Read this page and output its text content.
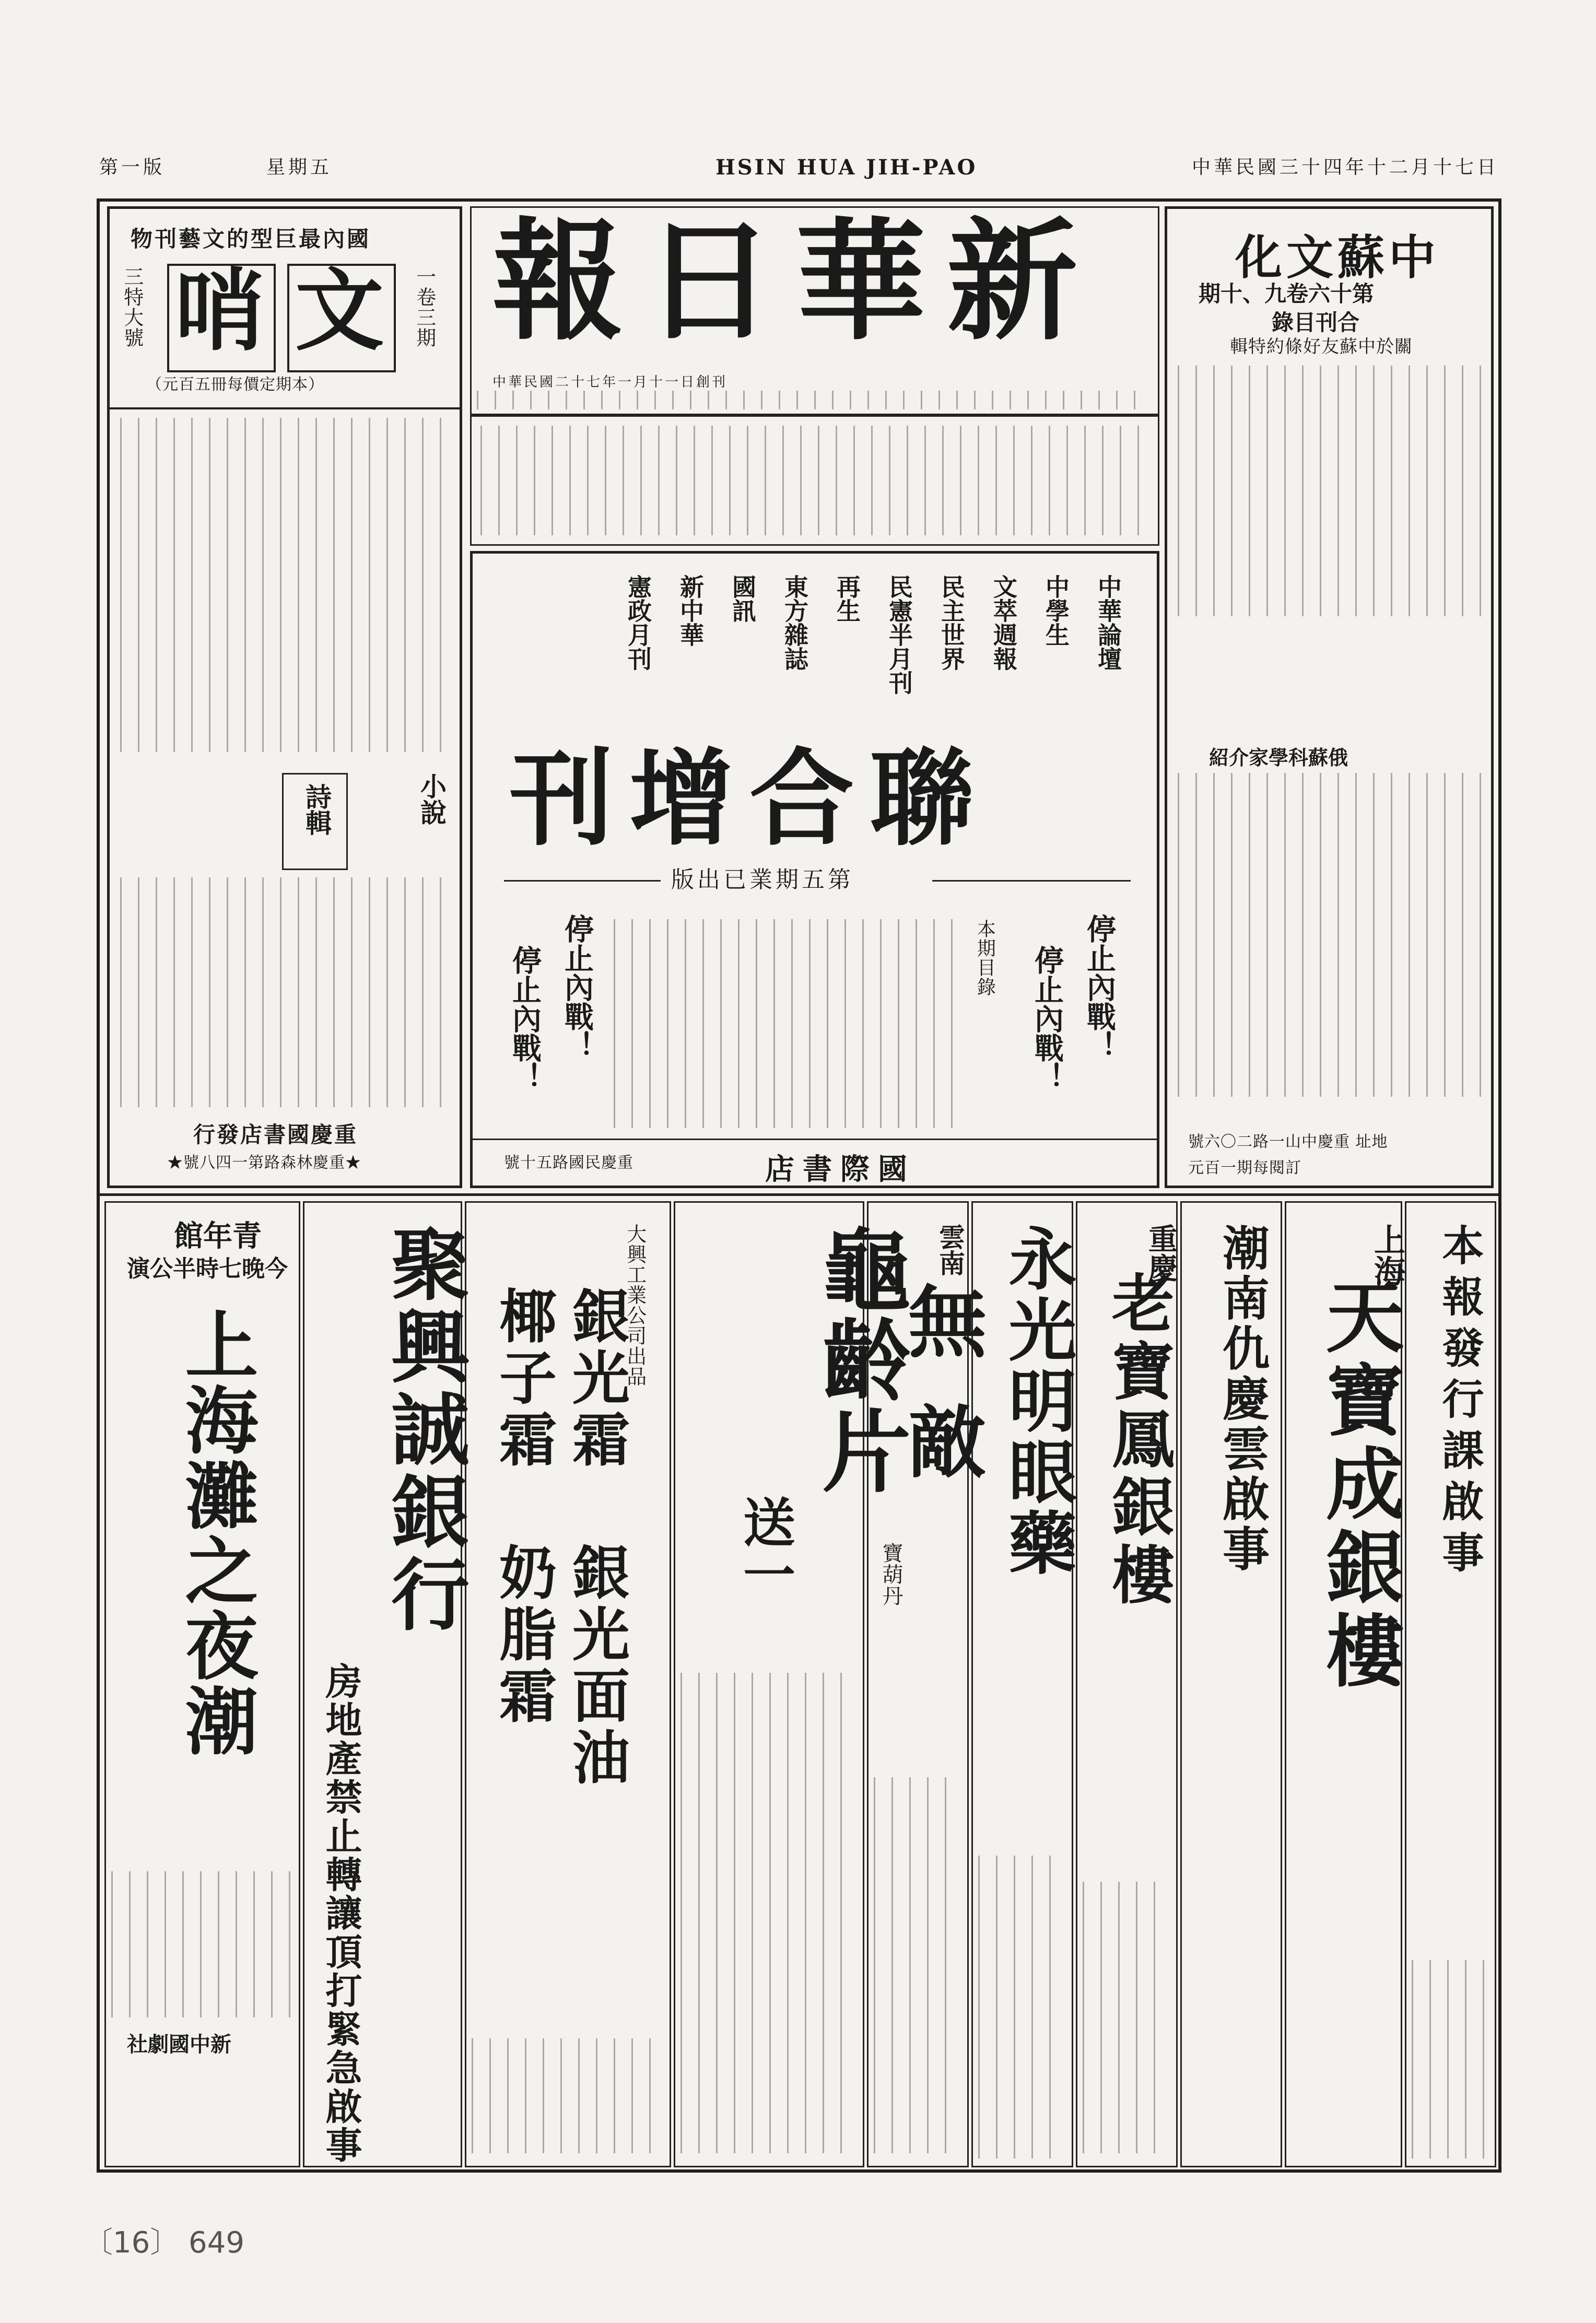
中華民國三十四年十二月十七日
HSIN HUA JIH-PAO
第一版	星期五
新華日報
中華民國二十七年一月十一日創刊
國內最巨型的文藝刊物
文
哨	一卷三期
三特大號
（本期定價每冊五百元）
詩輯	小說
重慶國書店發行
★重慶林森路第一四八號★
中華論壇
中學生
文萃週報
民主世界
民憲半月刊
再生
東方雜誌
國訊
新中華
憲政月刊
聯合增刊
第五期業已出版
停止內戰！
停止內戰！
停止內戰！
停止內戰！	本期目錄
國際書店
重慶民國路五十號
中蘇文化
第十六卷九、十期
合刊目錄
關於中蘇友好條約特輯
俄蘇科學家介紹
地址 重慶中山一路二〇六號
訂閱每期一百元
本報發行課啟事
上海
天寶成銀樓
潮南仇慶雲啟事
重慶
老寶鳳銀樓
永光明眼藥
雲南
無敵
寶葫丹
龜齡片
送一
大興工業公司出品
銀光霜 銀光面油
椰子霜 奶脂霜
聚興誠銀行
房地產禁止轉讓頂打緊急啟事
青年館
今晚七時半公演
上海灘之夜潮
新中國劇社
〔16〕 649
